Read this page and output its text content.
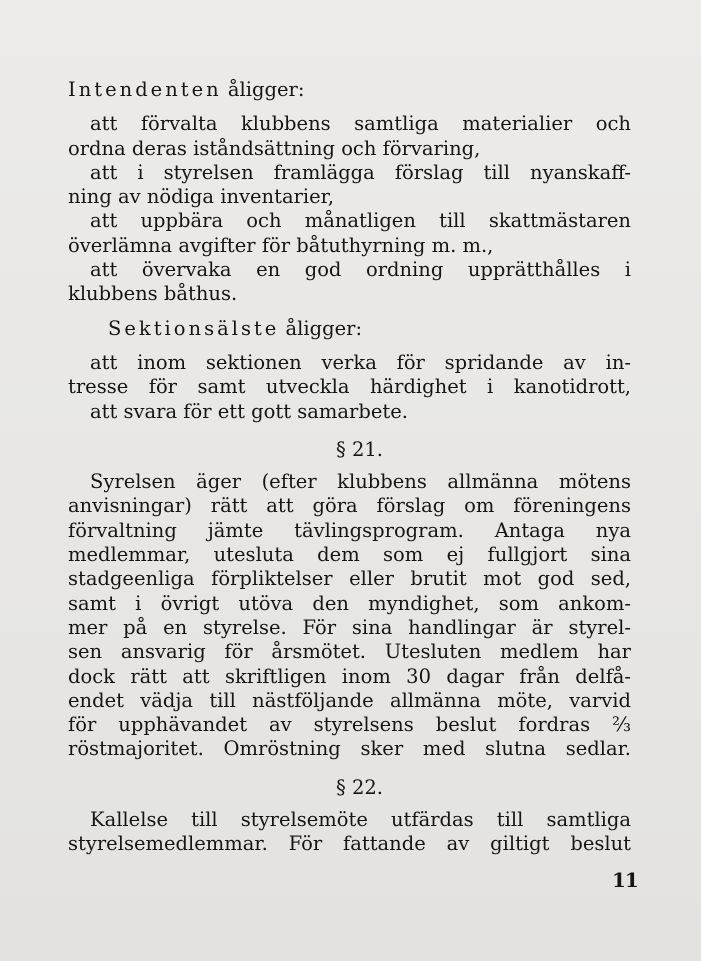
Intendenten åligger:
att förvalta klubbens samtliga materialier och
ordna deras iståndsättning och förvaring,
att i styrelsen framlägga förslag till nyanskaff-
ning av nödiga inventarier,
att uppbära och månatligen till skattmästaren
överlämna avgifter för båtuthyrning m. m.,
att övervaka en god ordning upprätthålles i
klubbens båthus.
Sektionsälste åligger:
att inom sektionen verka för spridande av in-
tresse för samt utveckla härdighet i kanotidrott,
att svara för ett gott samarbete.
§ 21.
Syrelsen äger (efter klubbens allmänna mötens
anvisningar) rätt att göra förslag om föreningens
förvaltning jämte tävlingsprogram. Antaga nya
medlemmar, utesluta dem som ej fullgjort sina
stadgeenliga förpliktelser eller brutit mot god sed,
samt i övrigt utöva den myndighet, som ankom-
mer på en styrelse. För sina handlingar är styrel-
sen ansvarig för årsmötet. Utesluten medlem har
dock rätt att skriftligen inom 30 dagar från delfå-
endet vädja till nästföljande allmänna möte, varvid
för upphävandet av styrelsens beslut fordras ⅔
röstmajoritet. Omröstning sker med slutna sedlar.
§ 22.
Kallelse till styrelsemöte utfärdas till samtliga
styrelsemedlemmar. För fattande av giltigt beslut
11
